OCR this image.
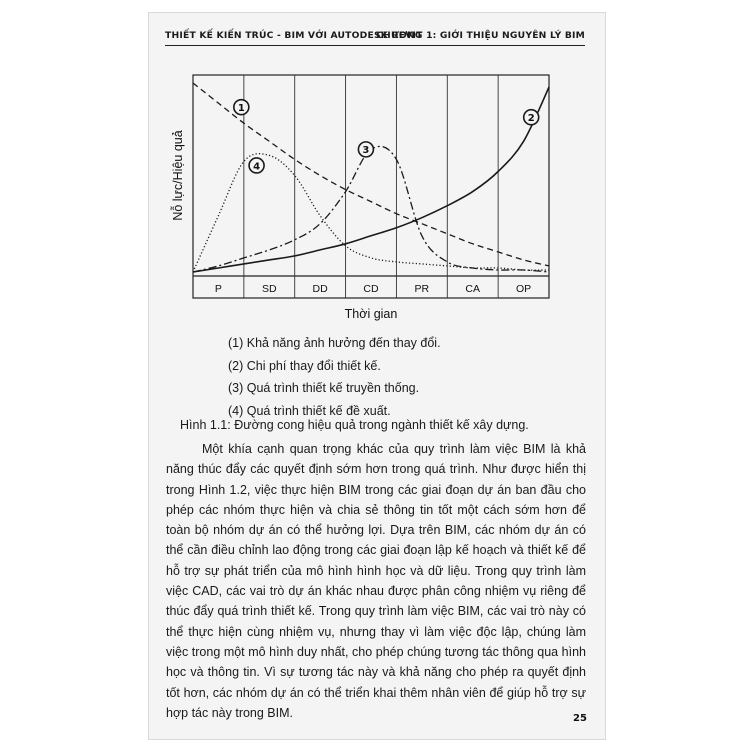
THIẾT KẾ KIẾN TRÚC - BIM VỚI AUTODESK REVIT
CHƯƠNG 1: GIỚI THIỆU NGUYÊN LÝ BIM
1
2
3
4
P	SD	DD	CD	PR	CA	OP
Thời gian
Nỗ lực/Hiệu quả
(1) Khả năng ảnh hưởng đến thay đổi.
(2) Chi phí thay đổi thiết kế.
(3) Quá trình thiết kế truyền thống.
(4) Quá trình thiết kế đề xuất.
Hình 1.1: Đường cong hiệu quả trong ngành thiết kế xây dựng.
Một khía cạnh quan trọng khác của quy trình làm việc BIM là khả năng thúc đẩy các quyết định sớm hơn trong quá trình. Như được hiển thị trong Hình 1.2, việc thực hiện BIM trong các giai đoạn dự án ban đầu cho phép các nhóm thực hiện và chia sẻ thông tin tốt một cách sớm hơn để toàn bộ nhóm dự án có thể hưởng lợi. Dựa trên BIM, các nhóm dự án có thể cần điều chỉnh lao động trong các giai đoạn lập kế hoạch và thiết kế để hỗ trợ sự phát triển của mô hình hình học và dữ liệu. Trong quy trình làm việc CAD, các vai trò dự án khác nhau được phân công nhiệm vụ riêng để thúc đẩy quá trình thiết kế. Trong quy trình làm việc BIM, các vai trò này có thể thực hiện cùng nhiệm vụ, nhưng thay vì làm việc độc lập, chúng làm việc trong một mô hình duy nhất, cho phép chúng tương tác thông qua hình học và thông tin. Vì sự tương tác này và khả năng cho phép ra quyết định tốt hơn, các nhóm dự án có thể triển khai thêm nhân viên để giúp hỗ trợ sự hợp tác này trong BIM.	25
